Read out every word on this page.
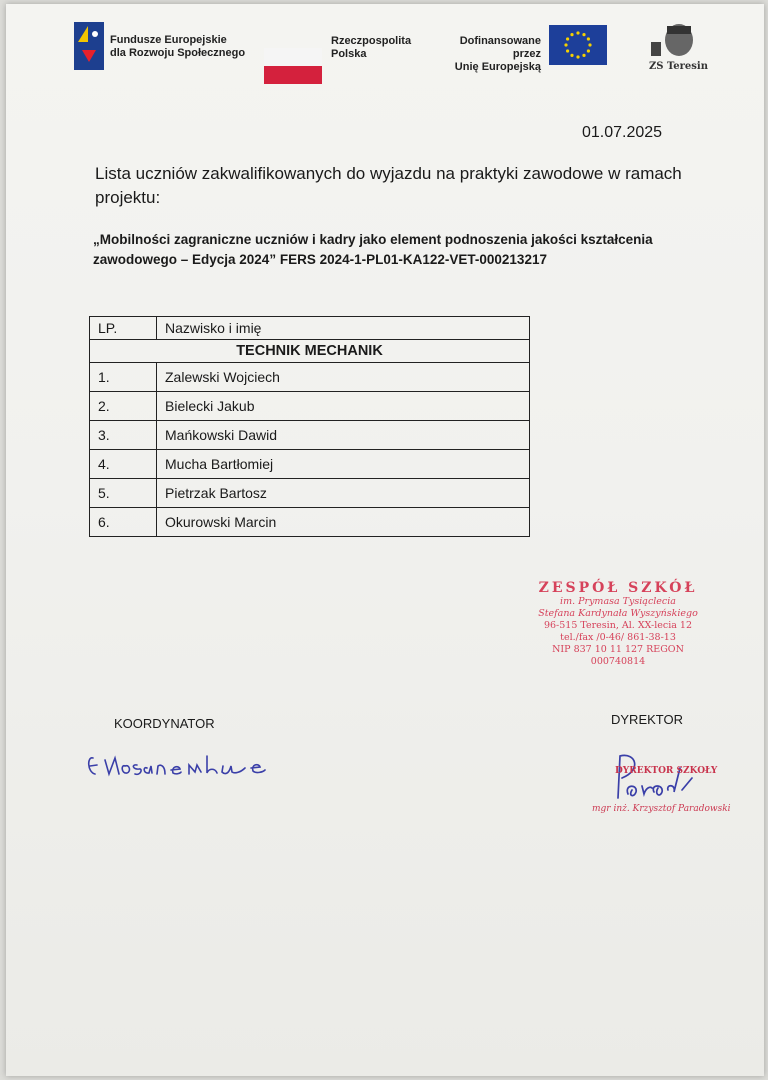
Fundusze Europejskie
dla Rozwoju Społecznego
Rzeczpospolita
Polska
Dofinansowane przez
Unię Europejską	ZS Teresin
01.07.2025
Lista uczniów zakwalifikowanych do wyjazdu na praktyki zawodowe w ramach projektu:
„Mobilności zagraniczne uczniów i kadry jako element podnoszenia jakości kształcenia zawodowego – Edycja 2024” FERS 2024-1-PL01-KA122-VET-000213217
LP.	Nazwisko i imię
TECHNIK MECHANIK	
1.	Zalewski Wojciech
2.	Bielecki Jakub
3.	Mańkowski Dawid
4.	Mucha Bartłomiej
5.	Pietrzak Bartosz
6.	Okurowski Marcin
ZESPÓŁ SZKÓŁ
im. Prymasa Tysiąclecia
Stefana Kardynała Wyszyńskiego
96-515 Teresin, Al. XX-lecia 12
tel./fax /0-46/ 861-38-13
NIP 837 10 11 127 REGON 000740814
KOORDYNATOR	DYREKTOR
DYREKTOR SZKOŁY
mgr inż. Krzysztof Paradowski
